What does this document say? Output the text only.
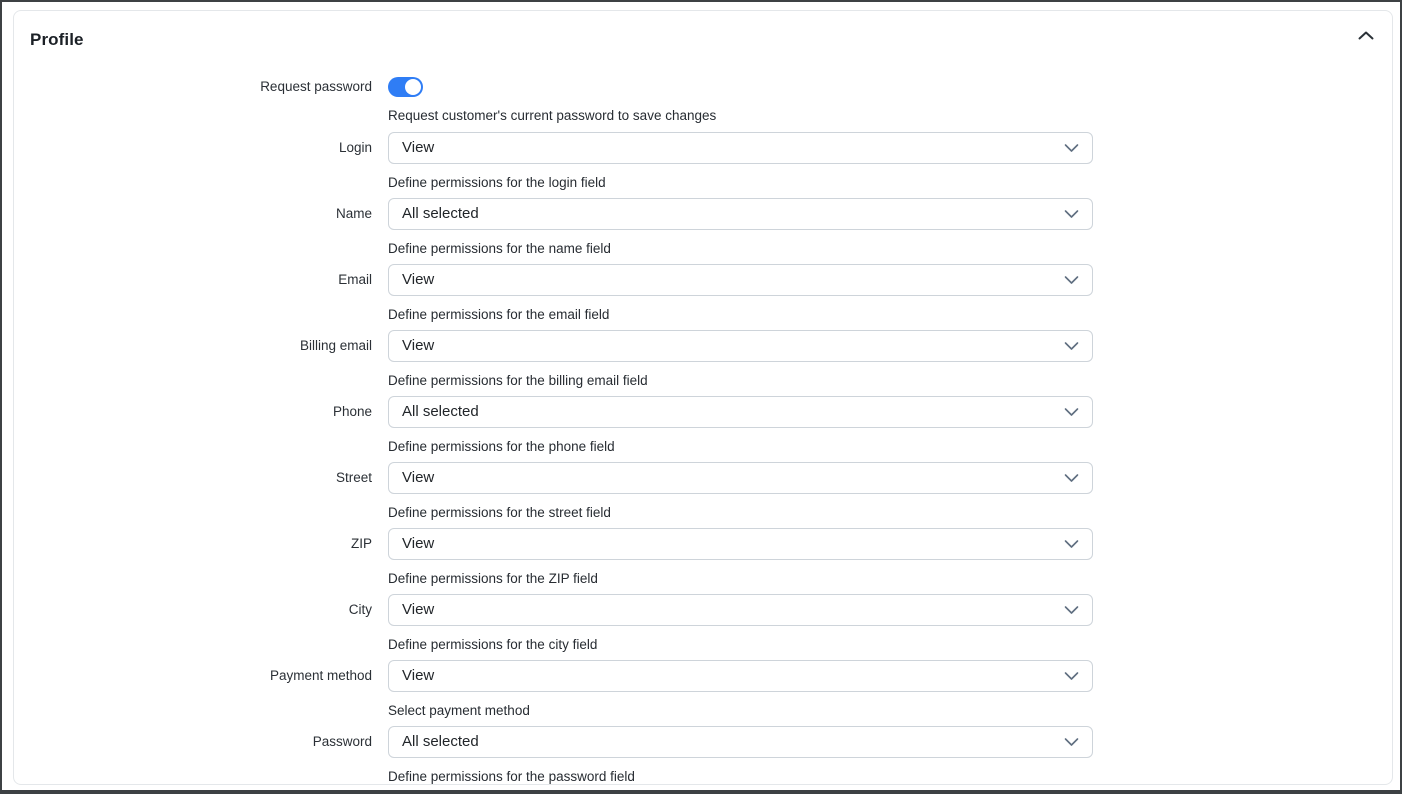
Profile
Request password
Request customer's current password to save changes
Login View
Define permissions for the login field
Name All selected
Define permissions for the name field
Email View
Define permissions for the email field
Billing email View
Define permissions for the billing email field
Phone All selected
Define permissions for the phone field
Street View
Define permissions for the street field
ZIP View
Define permissions for the ZIP field
City View
Define permissions for the city field
Payment method View
Select payment method
Password All selected
Define permissions for the password field
